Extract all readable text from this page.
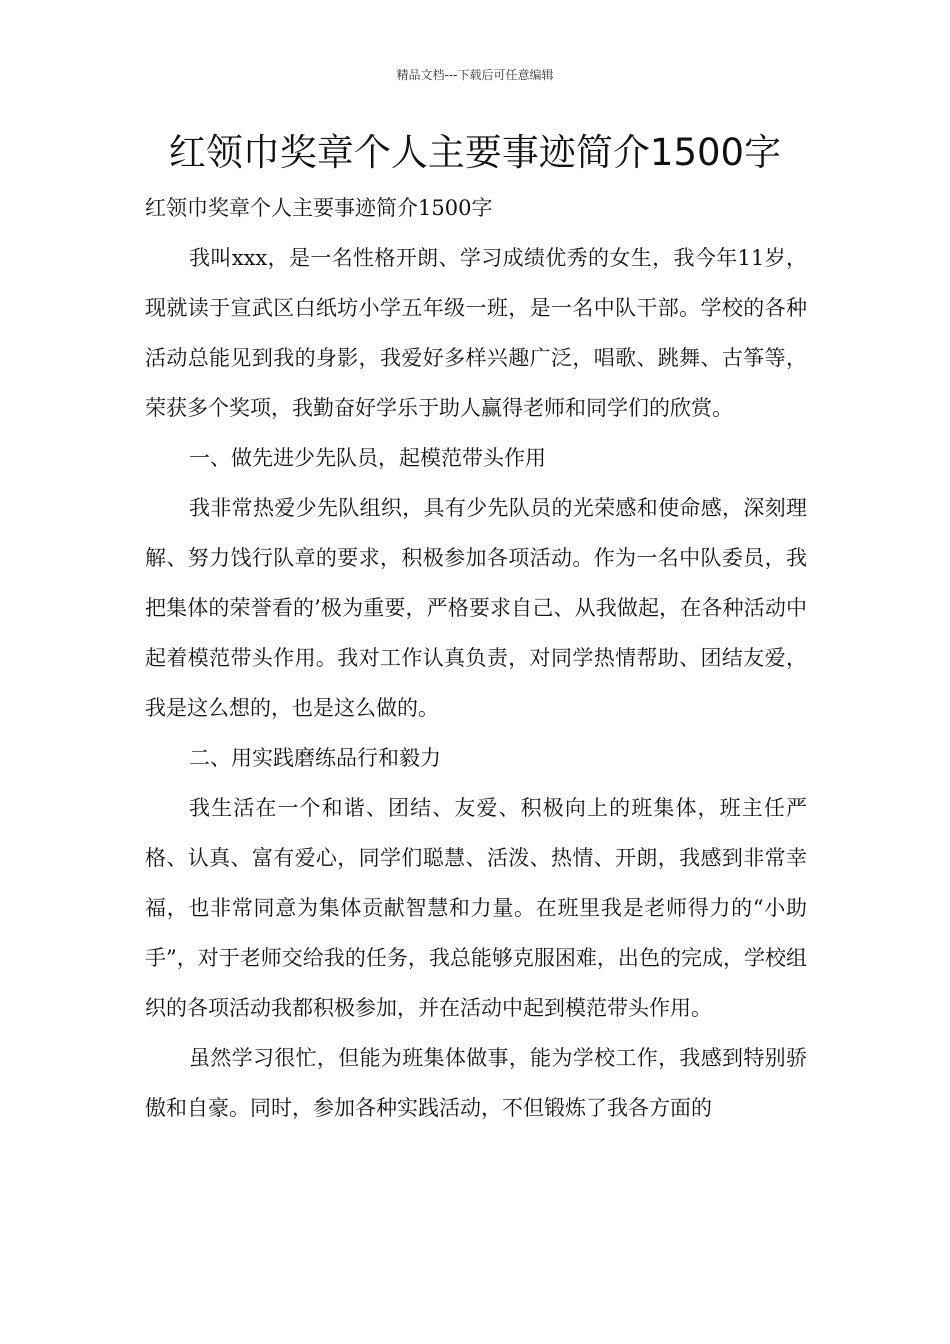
精品文档---下载后可任意编辑
红领巾奖章个人主要事迹简介1500字

红领巾奖章个人主要事迹简介1500字

我叫xxx，是一名性格开朗、学习成绩优秀的女生，我今年11岁，现就读于宣武区白纸坊小学五年级一班，是一名中队干部。学校的各种活动总能见到我的身影，我爱好多样兴趣广泛，唱歌、跳舞、古筝等，荣获多个奖项，我勤奋好学乐于助人赢得老师和同学们的欣赏。

一、做先进少先队员，起模范带头作用

我非常热爱少先队组织，具有少先队员的光荣感和使命感，深刻理解、努力饯行队章的要求，积极参加各项活动。作为一名中队委员，我把集体的荣誉看的’极为重要，严格要求自己、从我做起，在各种活动中起着模范带头作用。我对工作认真负责，对同学热情帮助、团结友爱，我是这么想的，也是这么做的。

二、用实践磨练品行和毅力

我生活在一个和谐、团结、友爱、积极向上的班集体，班主任严格、认真、富有爱心，同学们聪慧、活泼、热情、开朗，我感到非常幸福，也非常同意为集体贡献智慧和力量。在班里我是老师得力的“小助手”，对于老师交给我的任务，我总能够克服困难，出色的完成，学校组织的各项活动我都积极参加，并在活动中起到模范带头作用。

虽然学习很忙，但能为班集体做事，能为学校工作，我感到特别骄傲和自豪。同时，参加各种实践活动，不但锻炼了我各方面的
